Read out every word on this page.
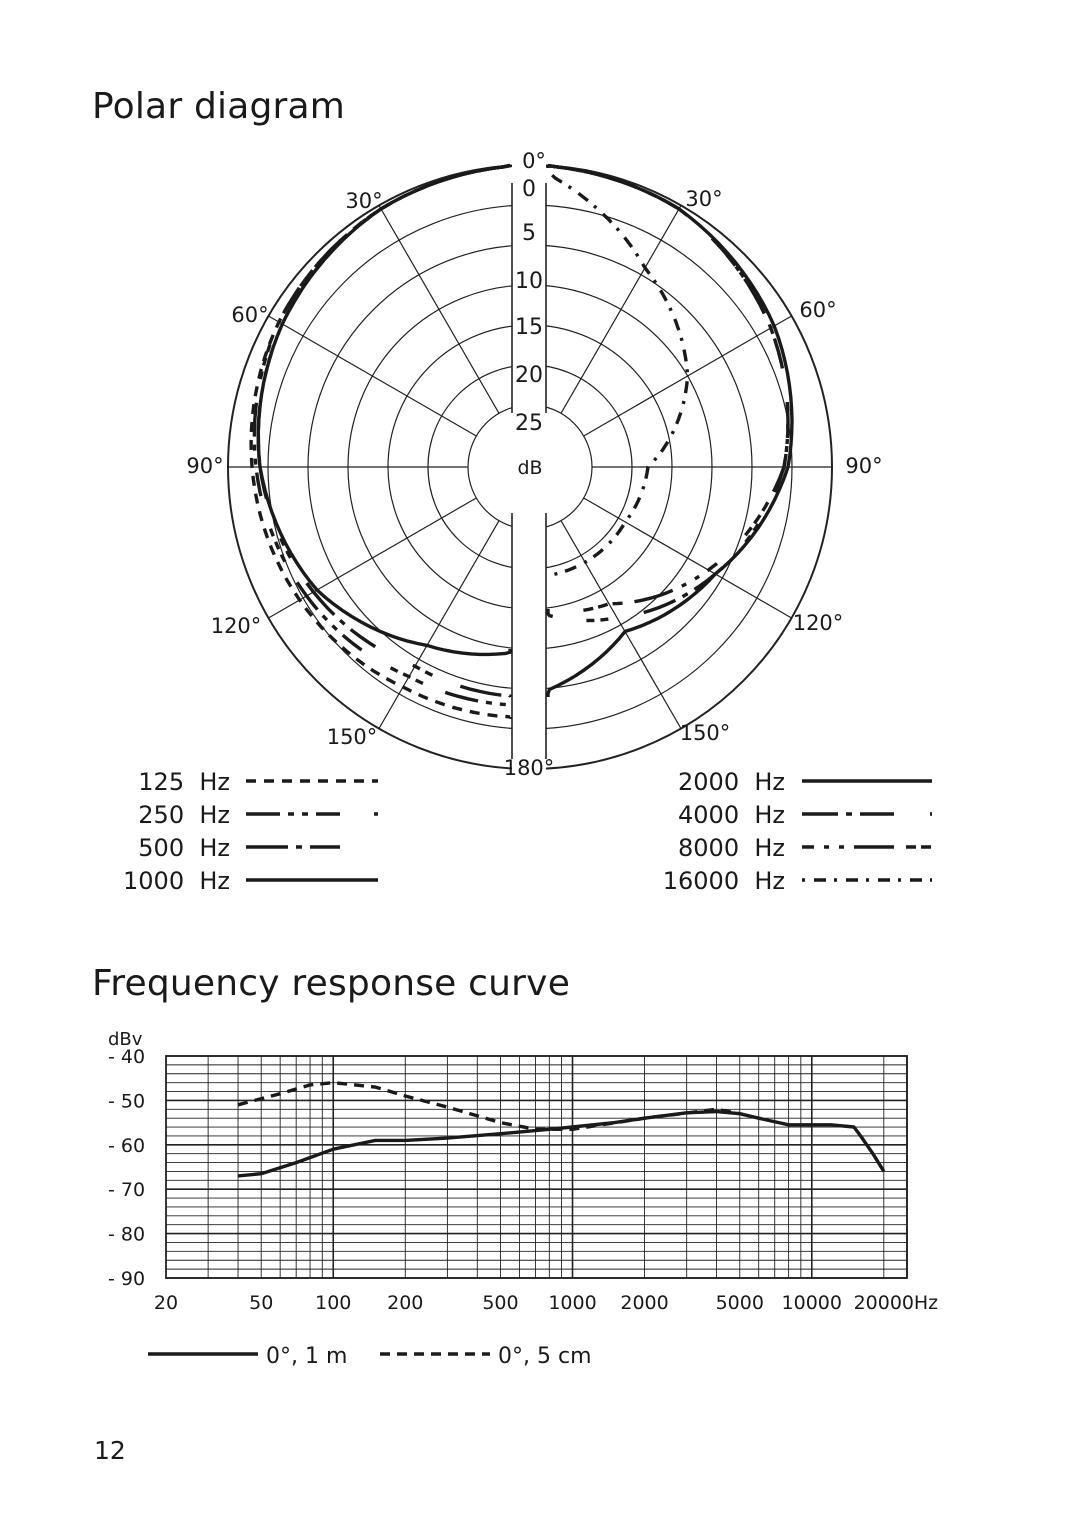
Polar diagram
Frequency response curve
0
5
10
15
20
25
dB
0°
30°	30°
60°	60°
90°	90°
120°	120°
150°	150°
180°
125  Hz
250  Hz
500  Hz
1000  Hz
2000  Hz
4000  Hz
8000  Hz
16000  Hz
dBv
- 40
- 50
- 60
- 70
- 80
- 90
20	50 100 200	500 1000 2000 5000 10000 20000 Hz
0°, 1 m	0°, 5 cm
12
